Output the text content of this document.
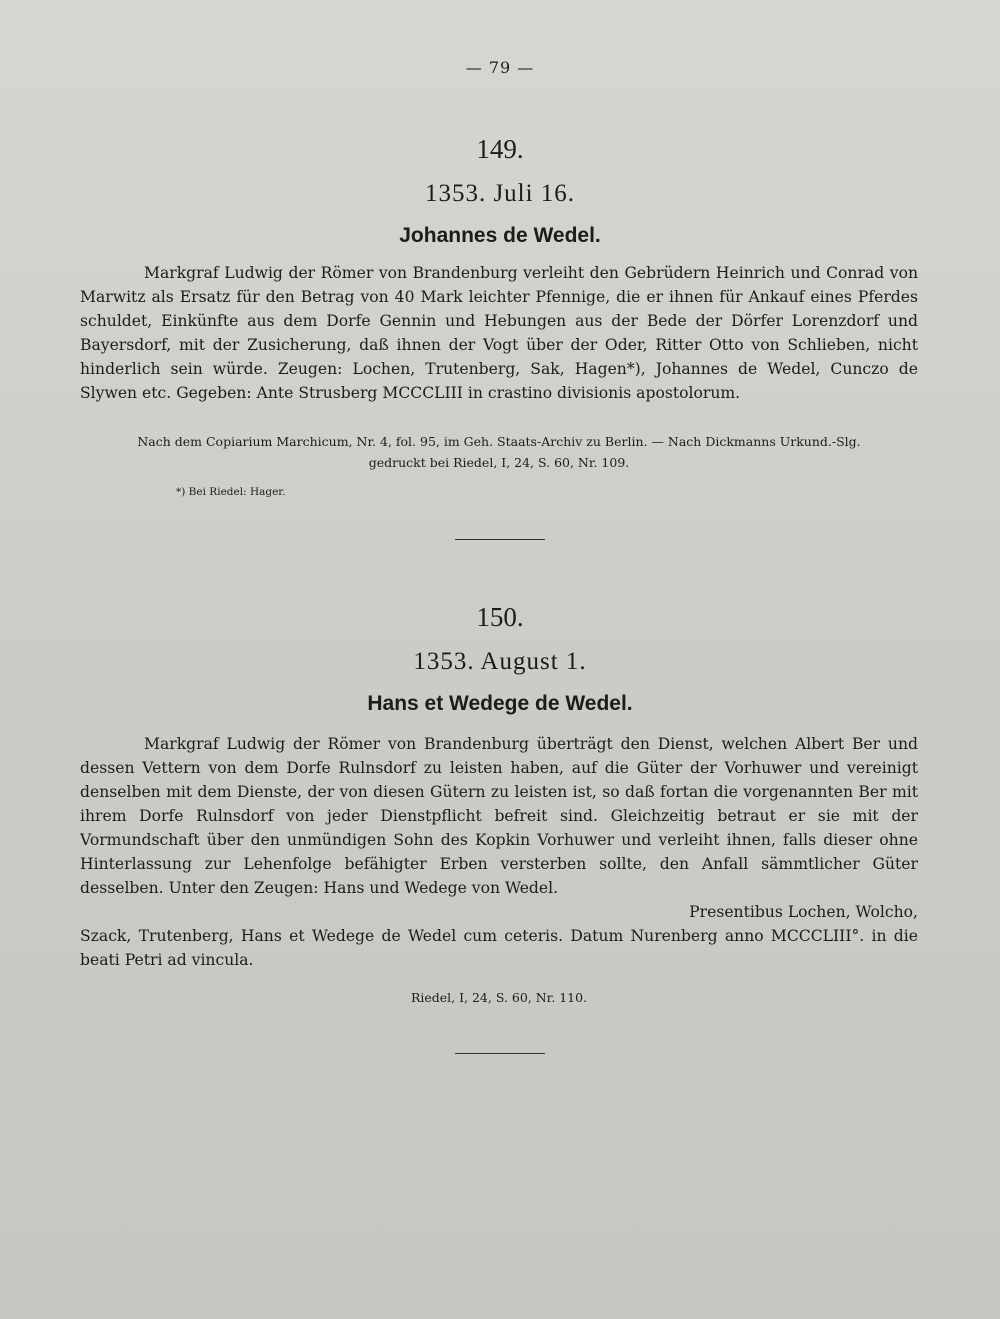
— 79 —
149.
1353. Juli 16.
Johannes de Wedel.

Markgraf Ludwig der Römer von Brandenburg verleiht den Gebrüdern Heinrich und Conrad von Marwitz als Ersatz für den Betrag von 40 Mark leichter Pfennige, die er ihnen für Ankauf eines Pferdes schuldet, Einkünfte aus dem Dorfe Gennin und Hebungen aus der Bede der Dörfer Lorenzdorf und Bayersdorf, mit der Zusicherung, daß ihnen der Vogt über der Oder, Ritter Otto von Schlieben, nicht hinderlich sein würde. Zeugen: Lochen, Trutenberg, Sak, Hagen*), Johannes de Wedel, Cunczo de Slywen etc. Gegeben: Ante Strusberg MCCCLIII in crastino divisionis apostolorum.

Nach dem Copiarium Marchicum, Nr. 4, fol. 95, im Geh. Staats-Archiv zu Berlin. — Nach Dickmanns Urkund.-Slg.
gedruckt bei Riedel, I, 24, S. 60, Nr. 109.
*) Bei Riedel: Hager.
150.
1353. August 1.
Hans et Wedege de Wedel.

Markgraf Ludwig der Römer von Brandenburg überträgt den Dienst, welchen Albert Ber und dessen Vettern von dem Dorfe Rulnsdorf zu leisten haben, auf die Güter der Vorhuwer und vereinigt denselben mit dem Dienste, der von diesen Gütern zu leisten ist, so daß fortan die vorgenannten Ber mit ihrem Dorfe Rulnsdorf von jeder Dienstpflicht befreit sind. Gleichzeitig betraut er sie mit der Vormundschaft über den unmündigen Sohn des Kopkin Vorhuwer und verleiht ihnen, falls dieser ohne Hinterlassung zur Lehenfolge befähigter Erben versterben sollte, den Anfall sämmtlicher Güter desselben. Unter den Zeugen: Hans und Wedege von Wedel.

Presentibus Lochen, Wolcho,

Szack, Trutenberg, Hans et Wedege de Wedel cum ceteris. Datum Nurenberg anno MCCCLIII°. in die beati Petri ad vincula.

Riedel, I, 24, S. 60, Nr. 110.
